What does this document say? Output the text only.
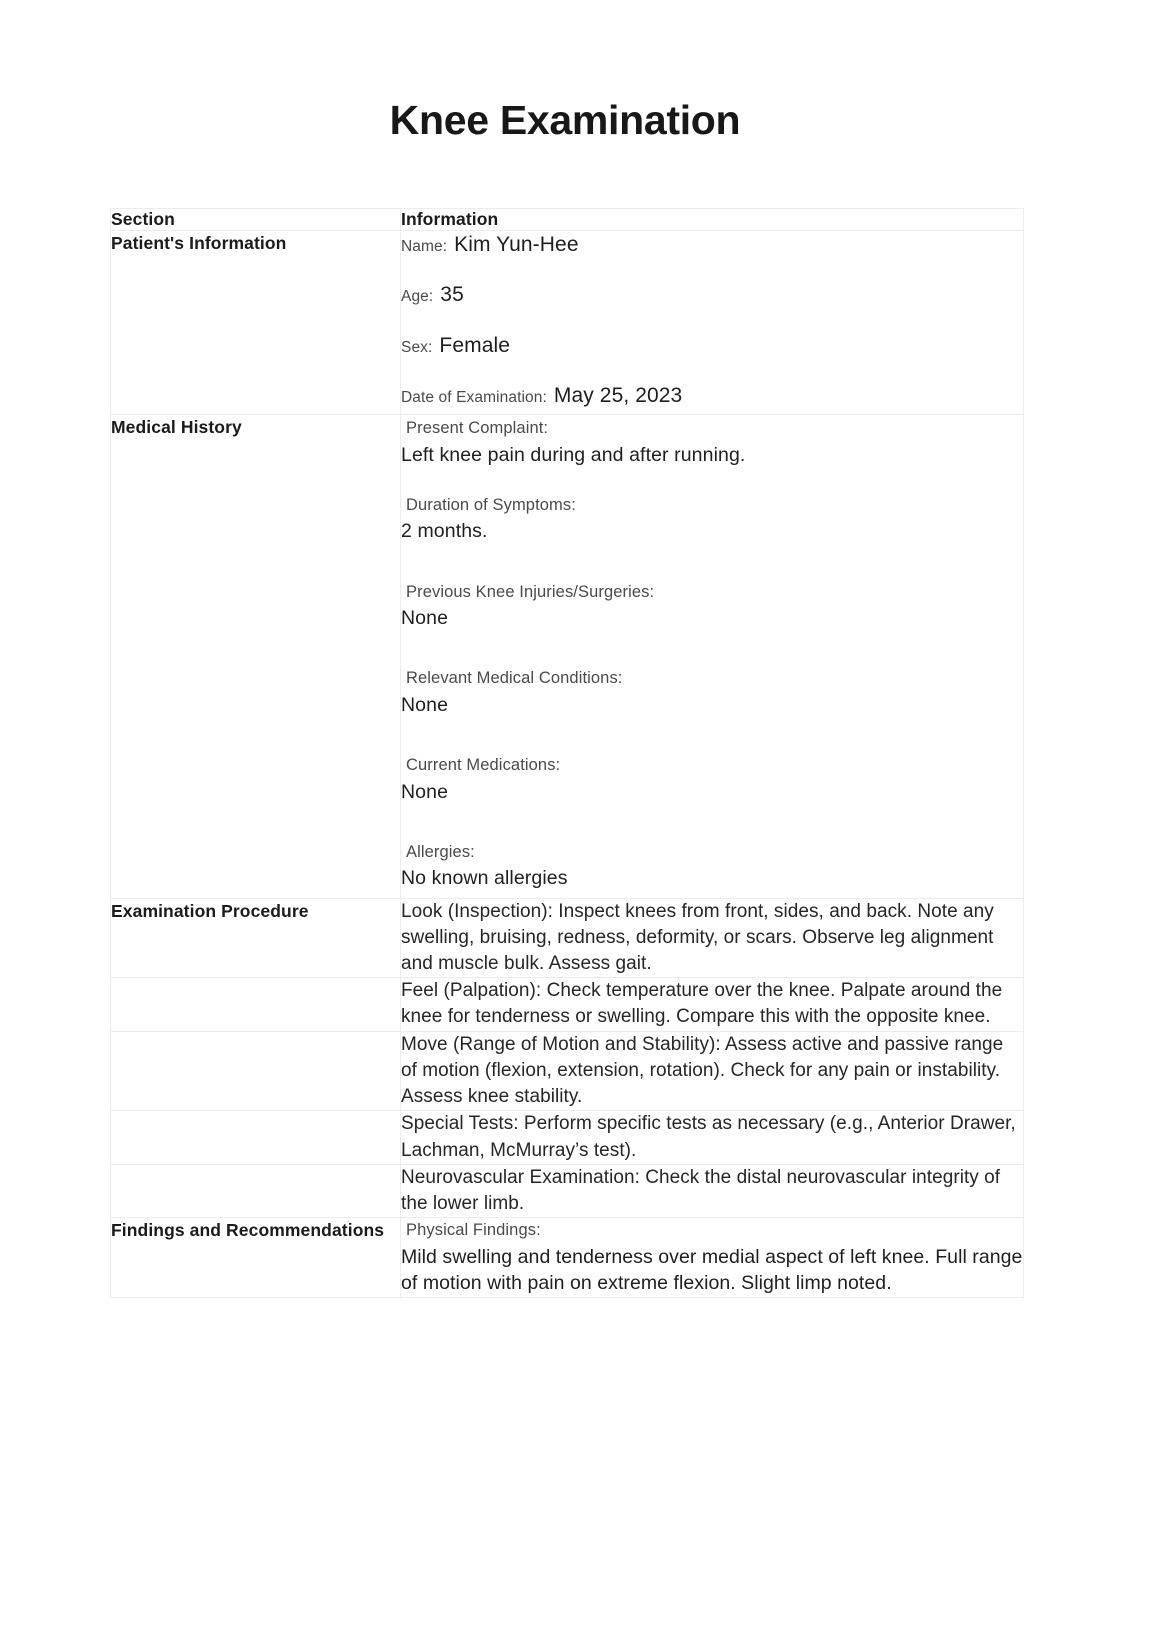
Knee Examination
Section	Information
Patient's Information	Name: Kim Yun-Hee
Age: 35
Sex: Female
Date of Examination: May 25, 2023

Medical History	Present Complaint:
Left knee pain during and after running.
Duration of Symptoms:
2 months.
Previous Knee Injuries/Surgeries:
None
Relevant Medical Conditions:
None
Current Medications:
None
Allergies:
No known allergies

Examination Procedure	Look (Inspection): Inspect knees from front, sides, and back. Note any swelling, bruising, redness, deformity, or scars. Observe leg alignment and muscle bulk. Assess gait.

	Feel (Palpation): Check temperature over the knee. Palpate around the knee for tenderness or swelling. Compare this with the opposite knee.

	Move (Range of Motion and Stability): Assess active and passive range of motion (flexion, extension, rotation). Check for any pain or instability. Assess knee stability.

	Special Tests: Perform specific tests as necessary (e.g., Anterior Drawer, Lachman, McMurray’s test).

	Neurovascular Examination: Check the distal neurovascular integrity of the lower limb.

Findings and Recommendations	Physical Findings:
Mild swelling and tenderness over medial aspect of left knee. Full range of motion with pain on extreme flexion. Slight limp noted.
